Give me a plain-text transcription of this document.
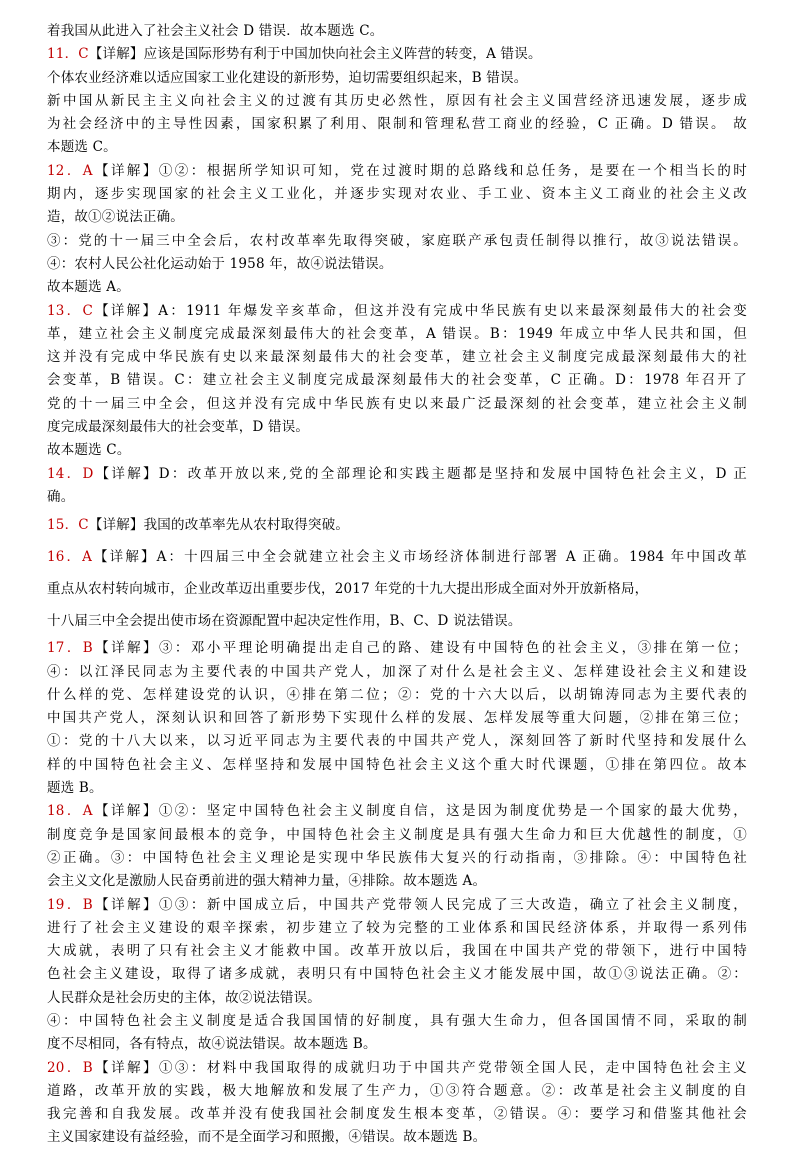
着我国从此进入了社会主义社会 D 错误．故本题选 C。
11．C【详解】应该是国际形势有利于中国加快向社会主义阵营的转变，A 错误。
个体农业经济难以适应国家工业化建设的新形势，迫切需要组织起来，B 错误。
新中国从新民主主义向社会主义的过渡有其历史必然性，原因有社会主义国营经济迅速发展，逐步成
为社会经济中的主导性因素，国家积累了利用、限制和管理私营工商业的经验，C 正确。D 错误。 故
本题选 C。
12．A【详解】①②：根据所学知识可知，党在过渡时期的总路线和总任务，是要在一个相当长的时
期内，逐步实现国家的社会主义工业化，并逐步实现对农业、手工业、资本主义工商业的社会主义改
造，故①②说法正确。
③：党的十一届三中全会后，农村改革率先取得突破，家庭联产承包责任制得以推行，故③说法错误。
④：农村人民公社化运动始于 1958 年，故④说法错误。
故本题选 A。
13．C【详解】A：1911 年爆发辛亥革命，但这并没有完成中华民族有史以来最深刻最伟大的社会变
革，建立社会主义制度完成最深刻最伟大的社会变革，A 错误。B：1949 年成立中华人民共和国，但
这并没有完成中华民族有史以来最深刻最伟大的社会变革，建立社会主义制度完成最深刻最伟大的社
会变革，B 错误。C：建立社会主义制度完成最深刻最伟大的社会变革，C 正确。D：1978 年召开了
党的十一届三中全会，但这并没有完成中华民族有史以来最广泛最深刻的社会变革，建立社会主义制
度完成最深刻最伟大的社会变革，D 错误。
故本题选 C。
14．D【详解】D：改革开放以来,党的全部理论和实践主题都是坚持和发展中国特色社会主义，D 正
确。
15．C【详解】我国的改革率先从农村取得突破。
16．A【详解】A：十四届三中全会就建立社会主义市场经济体制进行部署 A 正确。1984 年中国改革
重点从农村转向城市，企业改革迈出重要步伐，2017 年党的十九大提出形成全面对外开放新格局，
十八届三中全会提出使市场在资源配置中起决定性作用，B、C、D 说法错误。
17．B【详解】③：邓小平理论明确提出走自己的路、建设有中国特色的社会主义，③排在第一位；
④：以江泽民同志为主要代表的中国共产党人，加深了对什么是社会主义、怎样建设社会主义和建设
什么样的党、怎样建设党的认识，④排在第二位；②：党的十六大以后，以胡锦涛同志为主要代表的
中国共产党人，深刻认识和回答了新形势下实现什么样的发展、怎样发展等重大问题，②排在第三位；
①：党的十八大以来，以习近平同志为主要代表的中国共产党人，深刻回答了新时代坚持和发展什么
样的中国特色社会主义、怎样坚持和发展中国特色社会主义这个重大时代课题，①排在第四位。故本
题选 B。
18．A【详解】①②：坚定中国特色社会主义制度自信，这是因为制度优势是一个国家的最大优势，
制度竞争是国家间最根本的竞争，中国特色社会主义制度是具有强大生命力和巨大优越性的制度，①
②正确。③：中国特色社会主义理论是实现中华民族伟大复兴的行动指南，③排除。④：中国特色社
会主义文化是激励人民奋勇前进的强大精神力量，④排除。故本题选 A。
19．B【详解】①③：新中国成立后，中国共产党带领人民完成了三大改造，确立了社会主义制度，
进行了社会主义建设的艰辛探索，初步建立了较为完整的工业体系和国民经济体系，并取得一系列伟
大成就，表明了只有社会主义才能救中国。改革开放以后，我国在中国共产党的带领下，进行中国特
色社会主义建设，取得了诸多成就，表明只有中国特色社会主义才能发展中国，故①③说法正确。②：
人民群众是社会历史的主体，故②说法错误。
④：中国特色社会主义制度是适合我国国情的好制度，具有强大生命力，但各国国情不同，采取的制
度不尽相同，各有特点，故④说法错误。故本题选 B。
20．B【详解】①③：材料中我国取得的成就归功于中国共产党带领全国人民，走中国特色社会主义
道路，改革开放的实践，极大地解放和发展了生产力，①③符合题意。②：改革是社会主义制度的自
我完善和自我发展。改革并没有使我国社会制度发生根本变革，②错误。④：要学习和借鉴其他社会
主义国家建设有益经验，而不是全面学习和照搬，④错误。故本题选 B。
